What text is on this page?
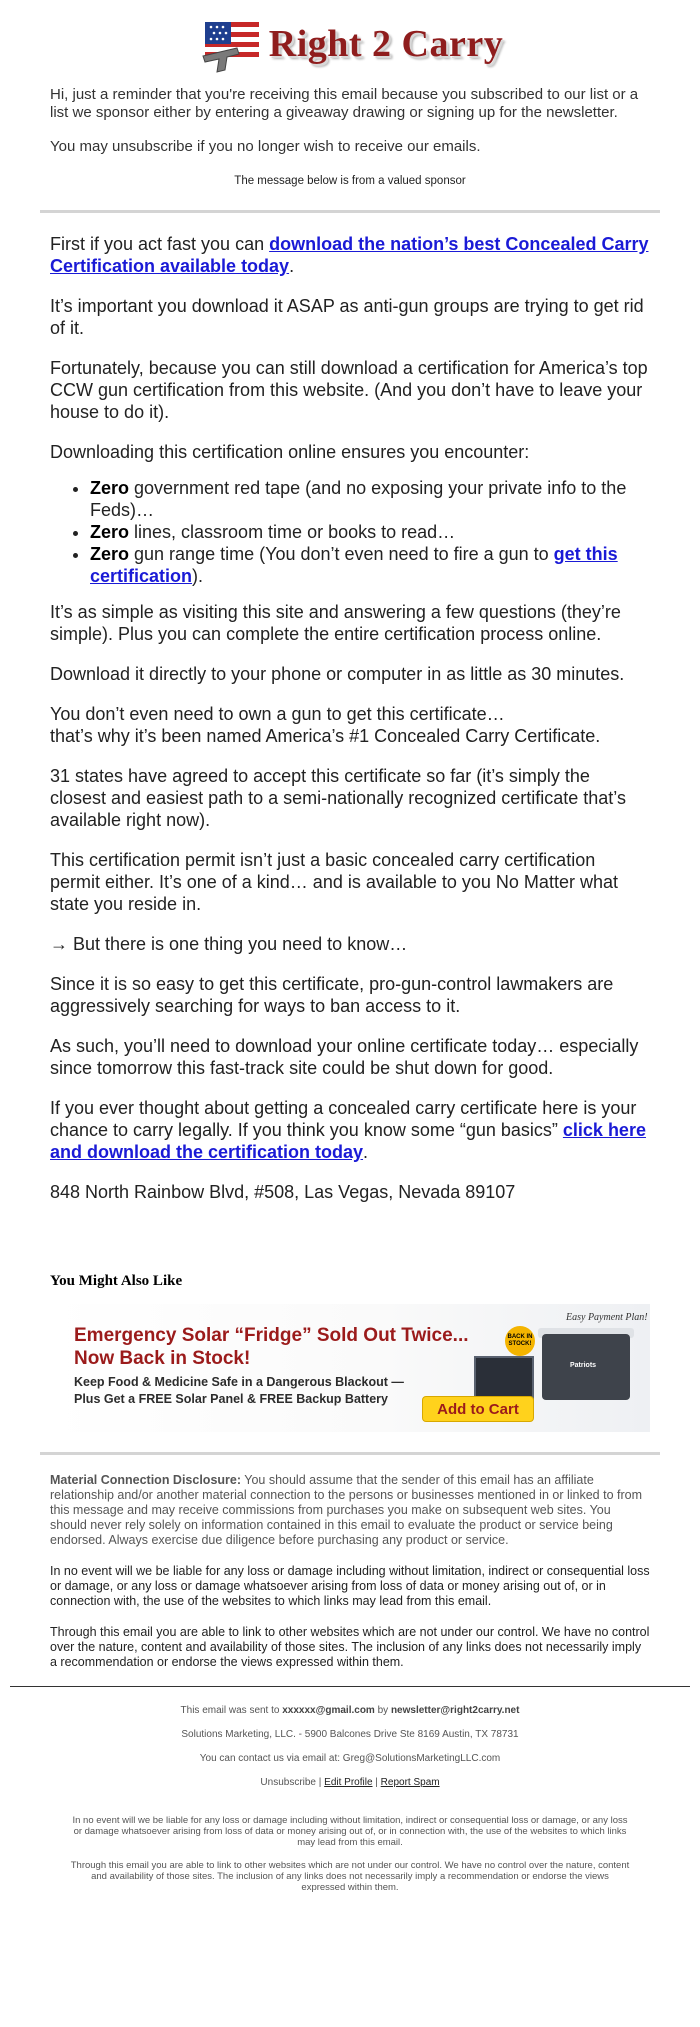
Right 2 Carry

Hi, just a reminder that you're receiving this email because you subscribed to our list or a list we sponsor either by entering a giveaway drawing or signing up for the newsletter.

You may unsubscribe if you no longer wish to receive our emails.

The message below is from a valued sponsor

First if you act fast you can download the nation’s best Concealed Carry Certification available today.

It’s important you download it ASAP as anti-gun groups are trying to get rid of it.

Fortunately, because you can still download a certification for America’s top CCW gun certification from this website. (And you don’t have to leave your house to do it).

Downloading this certification online ensures you encounter:

• Zero government red tape (and no exposing your private info to the Feds)…
• Zero lines, classroom time or books to read…
• Zero gun range time (You don’t even need to fire a gun to get this certification).

It’s as simple as visiting this site and answering a few questions (they’re simple). Plus you can complete the entire certification process online.

Download it directly to your phone or computer in as little as 30 minutes.

You don’t even need to own a gun to get this certificate…
that’s why it’s been named America’s #1 Concealed Carry Certificate.

31 states have agreed to accept this certificate so far (it’s simply the closest and easiest path to a semi-nationally recognized certificate that’s available right now).

This certification permit isn’t just a basic concealed carry certification permit either. It’s one of a kind… and is available to you No Matter what state you reside in.

→ But there is one thing you need to know…

Since it is so easy to get this certificate, pro-gun-control lawmakers are aggressively searching for ways to ban access to it.

As such, you’ll need to download your online certificate today… especially since tomorrow this fast-track site could be shut down for good.

If you ever thought about getting a concealed carry certificate here is your chance to carry legally. If you think you know some “gun basics” click here and download the certification today.

848 North Rainbow Blvd, #508, Las Vegas, Nevada 89107

You Might Also Like
Emergency Solar “Fridge” Sold Out Twice...
Now Back in Stock!
Keep Food & Medicine Safe in a Dangerous Blackout —
Plus Get a FREE Solar Panel & FREE Backup Battery
Easy Payment Plan!
BACK IN STOCK!
Patriots
Add to Cart

Material Connection Disclosure: You should assume that the sender of this email has an affiliate relationship and/or another material connection to the persons or businesses mentioned in or linked to from this message and may receive commissions from purchases you make on subsequent web sites. You should never rely solely on information contained in this email to evaluate the product or service being endorsed. Always exercise due diligence before purchasing any product or service.

In no event will we be liable for any loss or damage including without limitation, indirect or consequential loss or damage, or any loss or damage whatsoever arising from loss of data or money arising out of, or in connection with, the use of the websites to which links may lead from this email.

Through this email you are able to link to other websites which are not under our control. We have no control over the nature, content and availability of those sites. The inclusion of any links does not necessarily imply a recommendation or endorse the views expressed within them.

This email was sent to xxxxxx@gmail.com by newsletter@right2carry.net

Solutions Marketing, LLC. - 5900 Balcones Drive Ste 8169 Austin, TX 78731

You can contact us via email at: Greg@SolutionsMarketingLLC.com

Unsubscribe | Edit Profile | Report Spam

In no event will we be liable for any loss or damage including without limitation, indirect or consequential loss or damage, or any loss or damage whatsoever arising from loss of data or money arising out of, or in connection with, the use of the websites to which links may lead from this email.

Through this email you are able to link to other websites which are not under our control. We have no control over the nature, content and availability of those sites. The inclusion of any links does not necessarily imply a recommendation or endorse the views expressed within them.
